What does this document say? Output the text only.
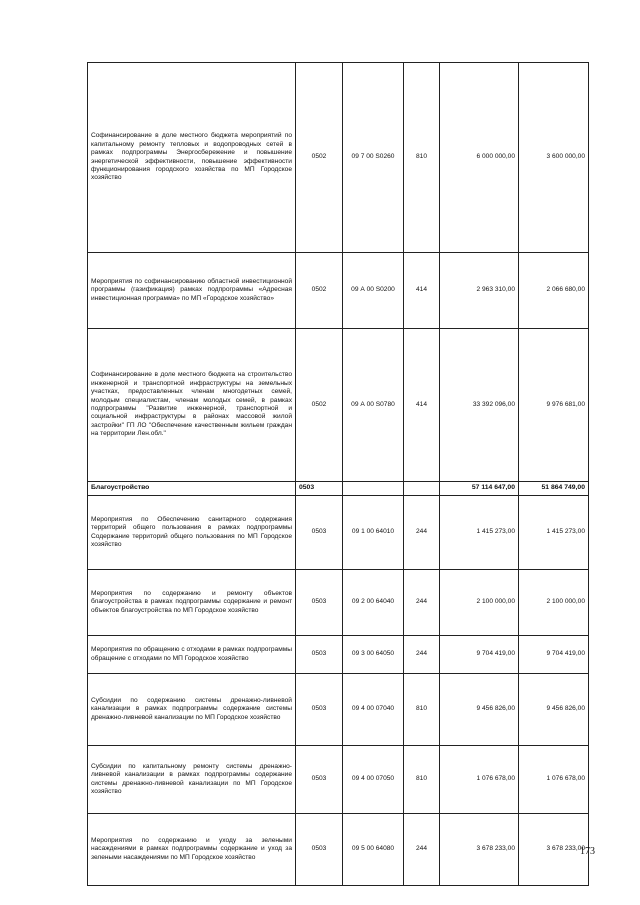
Софинансирование в доле местного бюджета мероприятий по капитальному ремонту тепловых и водопроводных сетей в рамках подпрограммы Энергосбережение и повышение энергетической эффективности, повышение эффективности функционирования городского хозяйства по МП Городское хозяйство	0502	09 7 00 S0260	810	6 000 000,00	3 600 000,00
Мероприятия по софинансированию областной инвестиционной программы (газификация) рамках подпрограммы «Адресная инвестиционная программа» по МП «Городское хозяйство»	0502	09 А 00 S0200	414	2 963 310,00	2 066 680,00
Софинансирование в доле местного бюджета на строительство инженерной и транспортной инфраструктуры на земельных участках, предоставленных членам многодетных семей, молодым специалистам, членам молодых семей, в рамках подпрограммы "Развитие инженерной, транспортной и социальной инфраструктуры в районах массовой жилой застройки" ГП ЛО "Обеспечение качественным жильем граждан на территории Лен.обл."	0502	09 А 00 S0780	414	33 392 096,00	9 976 681,00
Благоустройство	0503			57 114 647,00	51 864 749,00
Мероприятия по Обеспечению санитарного содержания территорий общего пользования в рамках подпрограммы Содержание территорий общего пользования по МП Городское хозяйство	0503	09 1 00 64010	244	1 415 273,00	1 415 273,00
Мероприятия по содержанию и ремонту объектов благоустройства в рамках подпрограммы содержание и ремонт объектов благоустройства по МП Городское хозяйство	0503	09 2 00 64040	244	2 100 000,00	2 100 000,00
Мероприятия по обращению с отходами в рамках подпрограммы обращение с отходами по МП Городское хозяйство	0503	09 3 00 64050	244	9 704 419,00	9 704 419,00
Субсидии по содержанию системы дренажно-ливневой канализации в рамках подпрограммы содержание системы дренажно-ливневой канализации по МП Городское хозяйство	0503	09 4 00 07040	810	9 456 826,00	9 456 826,00
Субсидии по капитальному ремонту системы дренажно-ливневой канализации в рамках подпрограммы содержание системы дренажно-ливневой канализации по МП Городское хозяйство	0503	09 4 00 07050	810	1 076 678,00	1 076 678,00
Мероприятия по содержанию и уходу за зелеными насаждениями в рамках подпрограммы содержание и уход за зелеными насаждениями по МП Городское хозяйство	0503	09 5 00 64080	244	3 678 233,00	3 678 233,00
173
